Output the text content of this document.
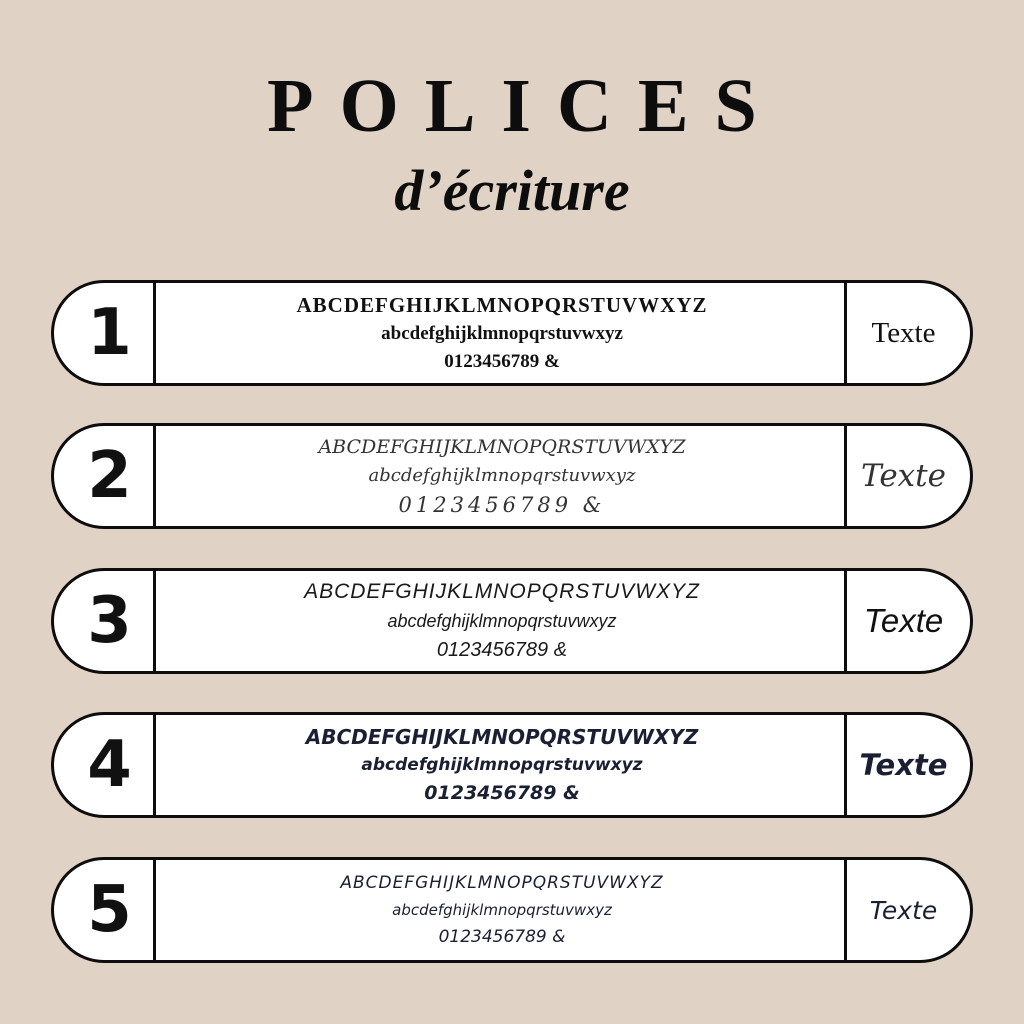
POLICES
d’écriture
1	ABCDEFGHIJKLMNOPQRSTUVWXYZ
abcdefghijklmnopqrstuvwxyz
0123456789 &
Texte
2	ABCDEFGHIJKLMNOPQRSTUVWXYZ
abcdefghijklmnopqrstuvwxyz
0123456789 &
Texte
3	ABCDEFGHIJKLMNOPQRSTUVWXYZ
abcdefghijklmnopqrstuvwxyz
0123456789 &
Texte
4	ABCDEFGHIJKLMNOPQRSTUVWXYZ
abcdefghijklmnopqrstuvwxyz
0123456789 &
Texte
5	ABCDEFGHIJKLMNOPQRSTUVWXYZ
abcdefghijklmnopqrstuvwxyz
0123456789 &
Texte
